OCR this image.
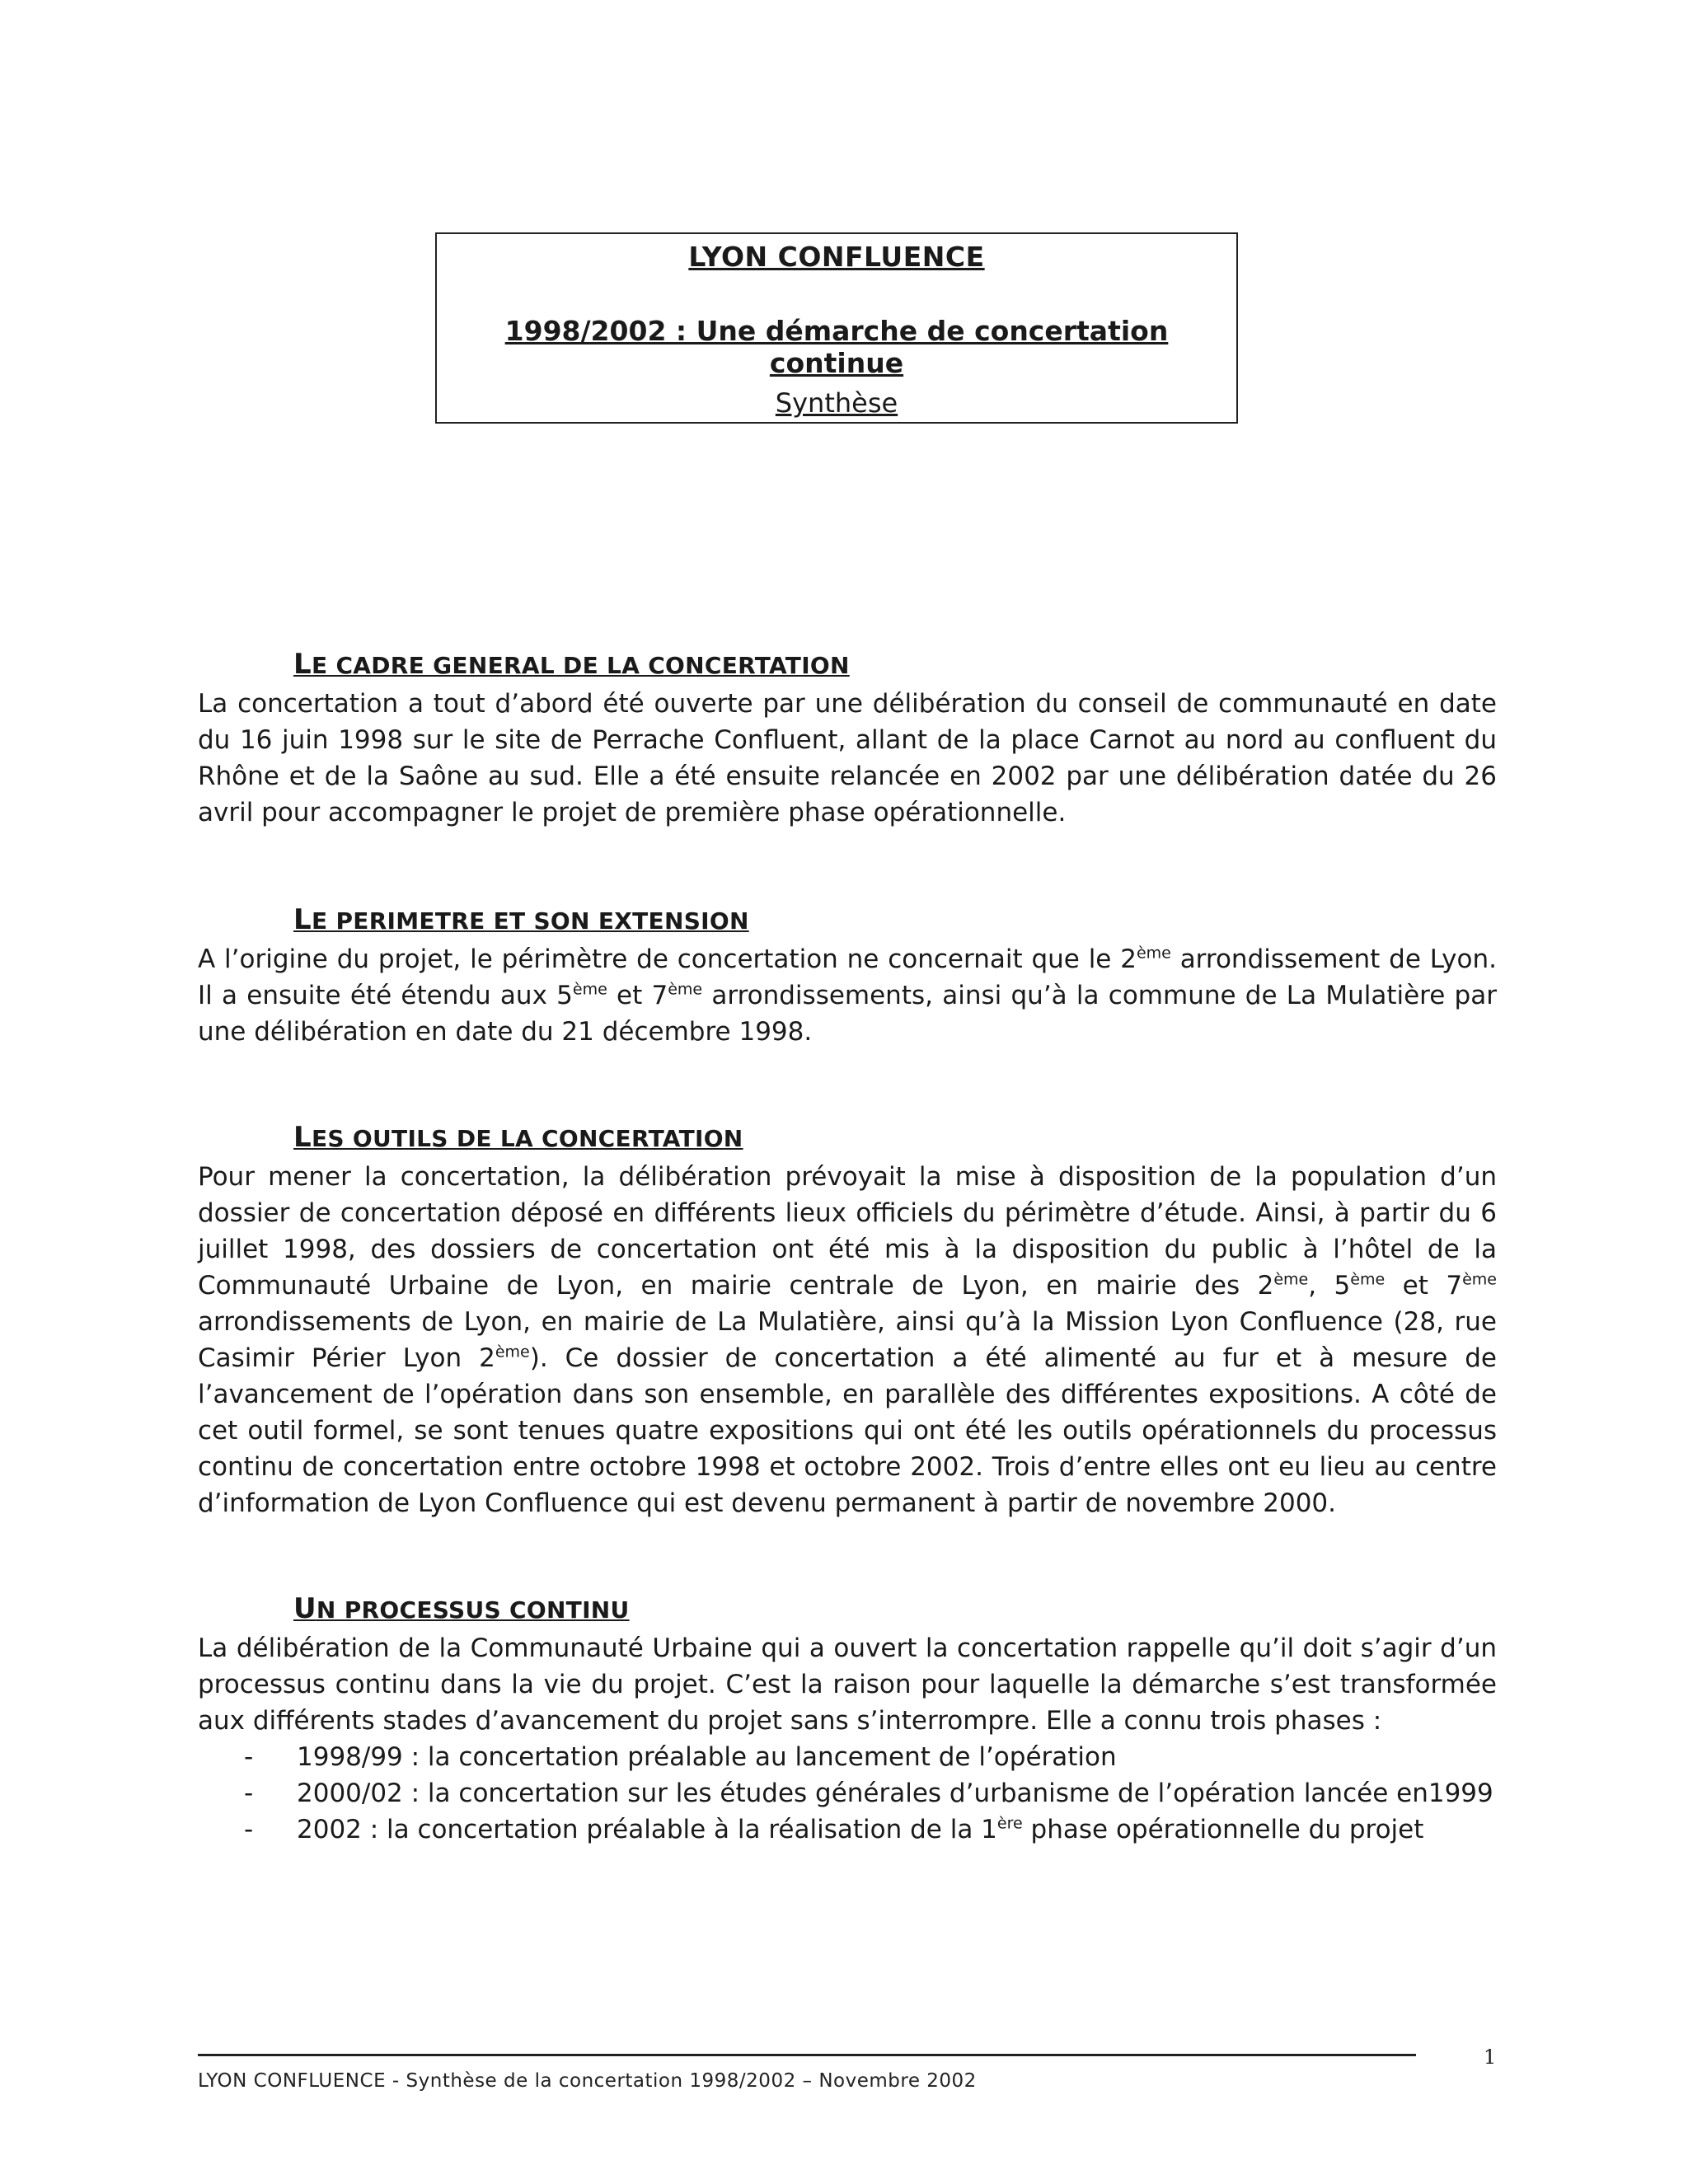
LYON CONFLUENCE
1998/2002 : Une démarche de concertation continue
Synthèse
LE CADRE GENERAL DE LA CONCERTATION

La concertation a tout d’abord été ouverte par une délibération du conseil de communauté en date du 16 juin 1998 sur le site de Perrache Confluent, allant de la place Carnot au nord au confluent du Rhône et de la Saône au sud. Elle a été ensuite relancée en 2002 par une délibération datée du 26 avril pour accompagner le projet de première phase opérationnelle.

LE PERIMETRE ET SON EXTENSION

A l’origine du projet, le périmètre de concertation ne concernait que le 2ème arrondissement de Lyon. Il a ensuite été étendu aux 5ème et 7ème arrondissements, ainsi qu’à la commune de La Mulatière par une délibération en date du 21 décembre 1998.

LES OUTILS DE LA CONCERTATION

Pour mener la concertation, la délibération prévoyait la mise à disposition de la population d’un dossier de concertation déposé en différents lieux officiels du périmètre d’étude. Ainsi, à partir du 6 juillet 1998, des dossiers de concertation ont été mis à la disposition du public à l’hôtel de la Communauté Urbaine de Lyon, en mairie centrale de Lyon, en mairie des 2ème, 5ème et 7ème arrondissements de Lyon, en mairie de La Mulatière, ainsi qu’à la Mission Lyon Confluence (28, rue Casimir Périer Lyon 2ème). Ce dossier de concertation a été alimenté au fur et à mesure de l’avancement de l’opération dans son ensemble, en parallèle des différentes expositions. A côté de cet outil formel, se sont tenues quatre expositions qui ont été les outils opérationnels du processus continu de concertation entre octobre 1998 et octobre 2002. Trois d’entre elles ont eu lieu au centre d’information de Lyon Confluence qui est devenu permanent à partir de novembre 2000.

UN PROCESSUS CONTINU

La délibération de la Communauté Urbaine qui a ouvert la concertation rappelle qu’il doit s’agir d’un processus continu dans la vie du projet. C’est la raison pour laquelle la démarche s’est transformée aux différents stades d’avancement du projet sans s’interrompre. Elle a connu trois phases :

- 1998/99 : la concertation préalable au lancement de l’opération
- 2000/02 : la concertation sur les études générales d’urbanisme de l’opération lancée en1999
- 2002 : la concertation préalable à la réalisation de la 1ère phase opérationnelle du projet
1
LYON CONFLUENCE - Synthèse de la concertation 1998/2002 – Novembre 2002
